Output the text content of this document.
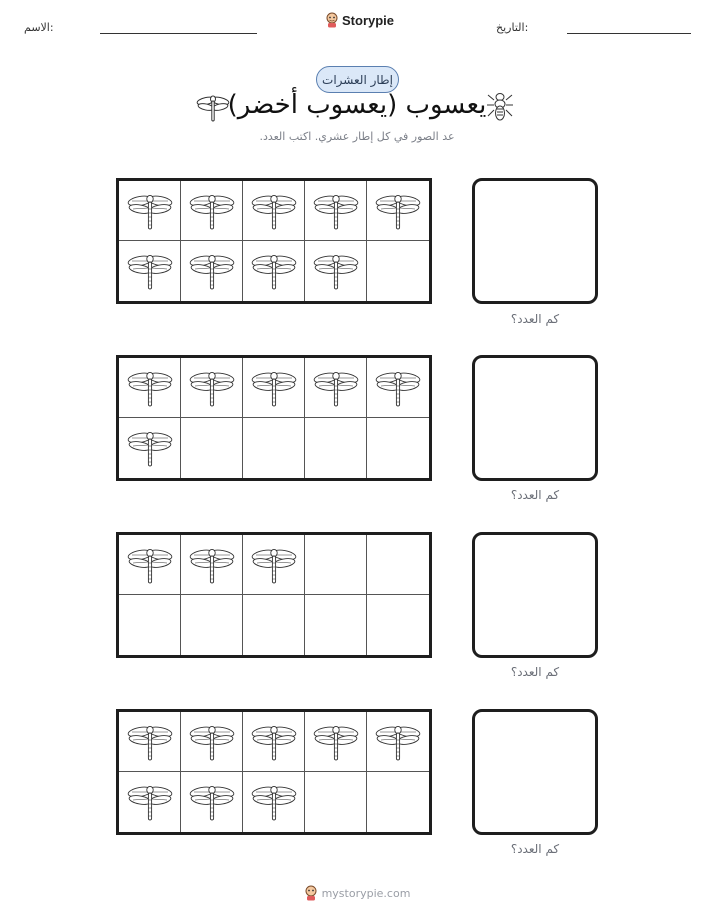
الاسم:	Storypie	التاريخ:
إطار العشرات
يعسوب (يعسوب أخضر)
عد الصور في كل إطار عشري. اكتب العدد.
كم العدد؟
كم العدد؟
كم العدد؟
كم العدد؟
mystorypie.com
